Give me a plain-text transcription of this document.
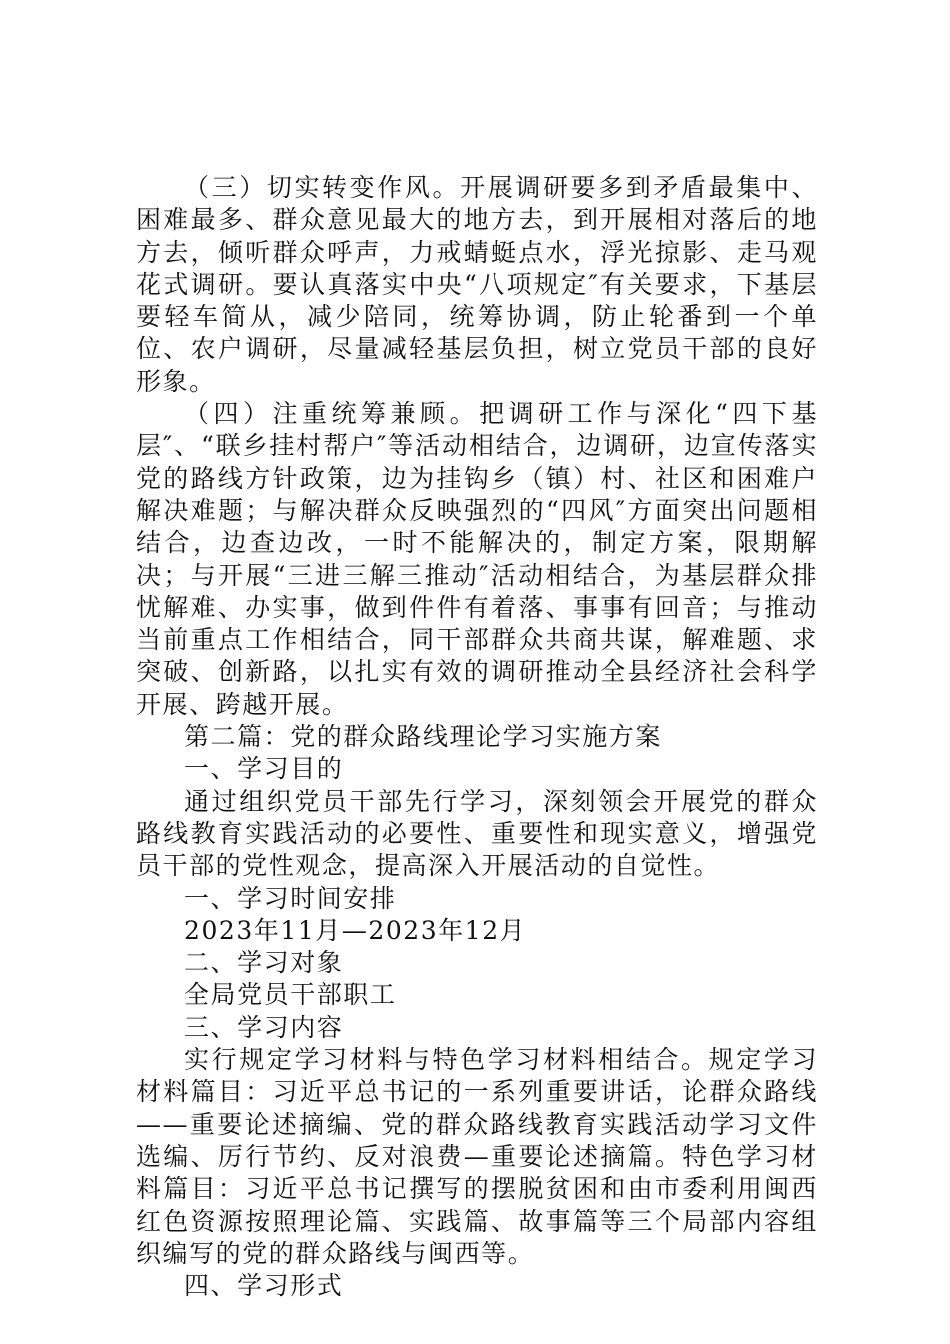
（三）切实转变作风。开展调研要多到矛盾最集中、困难最多、群众意见最大的地方去，到开展相对落后的地方去，倾听群众呼声，力戒蜻蜓点水，浮光掠影、走马观花式调研。要认真落实中央“八项规定″有关要求，下基层要轻车简从，减少陪同，统筹协调，防止轮番到一个单位、农户调研，尽量减轻基层负担，树立党员干部的良好形象。

（四）注重统筹兼顾。把调研工作与深化“四下基层″、“联乡挂村帮户″等活动相结合，边调研，边宣传落实党的路线方针政策，边为挂钩乡（镇）村、社区和困难户解决难题；与解决群众反映强烈的“四风″方面突出问题相结合，边查边改，一时不能解决的，制定方案，限期解决；与开展“三进三解三推动″活动相结合，为基层群众排忧解难、办实事，做到件件有着落、事事有回音；与推动当前重点工作相结合，同干部群众共商共谋，解难题、求突破、创新路，以扎实有效的调研推动全县经济社会科学开展、跨越开展。

第二篇：党的群众路线理论学习实施方案

一、学习目的

通过组织党员干部先行学习，深刻领会开展党的群众路线教育实践活动的必要性、重要性和现实意义，增强党员干部的党性观念，提高深入开展活动的自觉性。

一、学习时间安排

2023年11月—2023年12月

二、学习对象

全局党员干部职工

三、学习内容

实行规定学习材料与特色学习材料相结合。规定学习材料篇目：习近平总书记的一系列重要讲话，论群众路线——重要论述摘编、党的群众路线教育实践活动学习文件选编、厉行节约、反对浪费—重要论述摘篇。特色学习材料篇目：习近平总书记撰写的摆脱贫困和由市委利用闽西红色资源按照理论篇、实践篇、故事篇等三个局部内容组织编写的党的群众路线与闽西等。

四、学习形式
